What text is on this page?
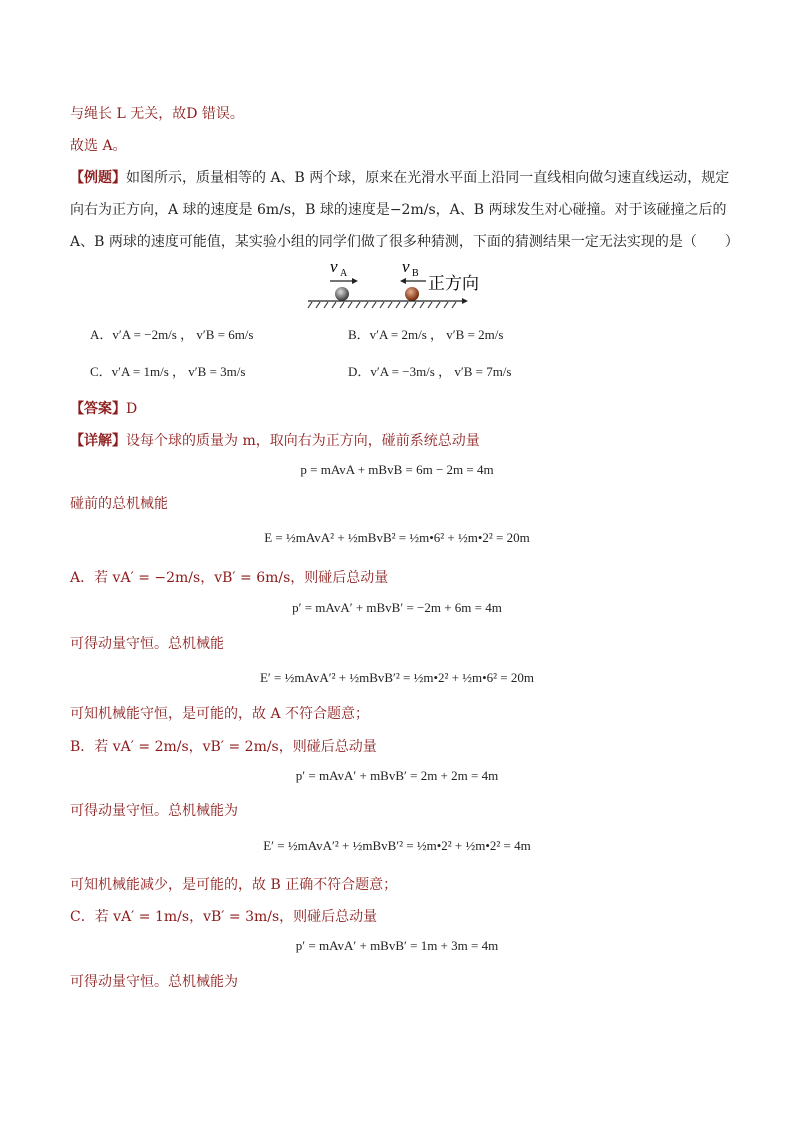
与绳长 L 无关，故D 错误。
故选 A。
【例题】如图所示，质量相等的 A、B 两个球，原来在光滑水平面上沿同一直线相向做匀速直线运动，规定
向右为正方向，A 球的速度是 6m/s，B 球的速度是−2m/s，A、B 两球发生对心碰撞。对于该碰撞之后的
A、B 两球的速度可能值，某实验小组的同学们做了很多种猜测，下面的猜测结果一定无法实现的是（　　）
v A	v B
正方向
A．v′A = −2m/s ， v′B = 6m/s	B．v′A = 2m/s ， v′B = 2m/s
C．v′A = 1m/s ， v′B = 3m/s	D．v′A = −3m/s ， v′B = 7m/s
【答案】D
【详解】设每个球的质量为 m，取向右为正方向，碰前系统总动量
p = mAvA + mBvB = 6m − 2m = 4m
碰前的总机械能
E = ½mAvA² + ½mBvB² = ½m•6² + ½m•2² = 20m
A．若 vA′ = −2m/s，vB′ = 6m/s，则碰后总动量
p′ = mAvA′ + mBvB′ = −2m + 6m = 4m
可得动量守恒。总机械能
E′ = ½mAvA′² + ½mBvB′² = ½m•2² + ½m•6² = 20m
可知机械能守恒，是可能的，故 A 不符合题意；
B．若 vA′ = 2m/s，vB′ = 2m/s，则碰后总动量
p′ = mAvA′ + mBvB′ = 2m + 2m = 4m
可得动量守恒。总机械能为
E′ = ½mAvA′² + ½mBvB′² = ½m•2² + ½m•2² = 4m
可知机械能减少，是可能的，故 B 正确不符合题意；
C．若 vA′ = 1m/s，vB′ = 3m/s，则碰后总动量
p′ = mAvA′ + mBvB′ = 1m + 3m = 4m
可得动量守恒。总机械能为
